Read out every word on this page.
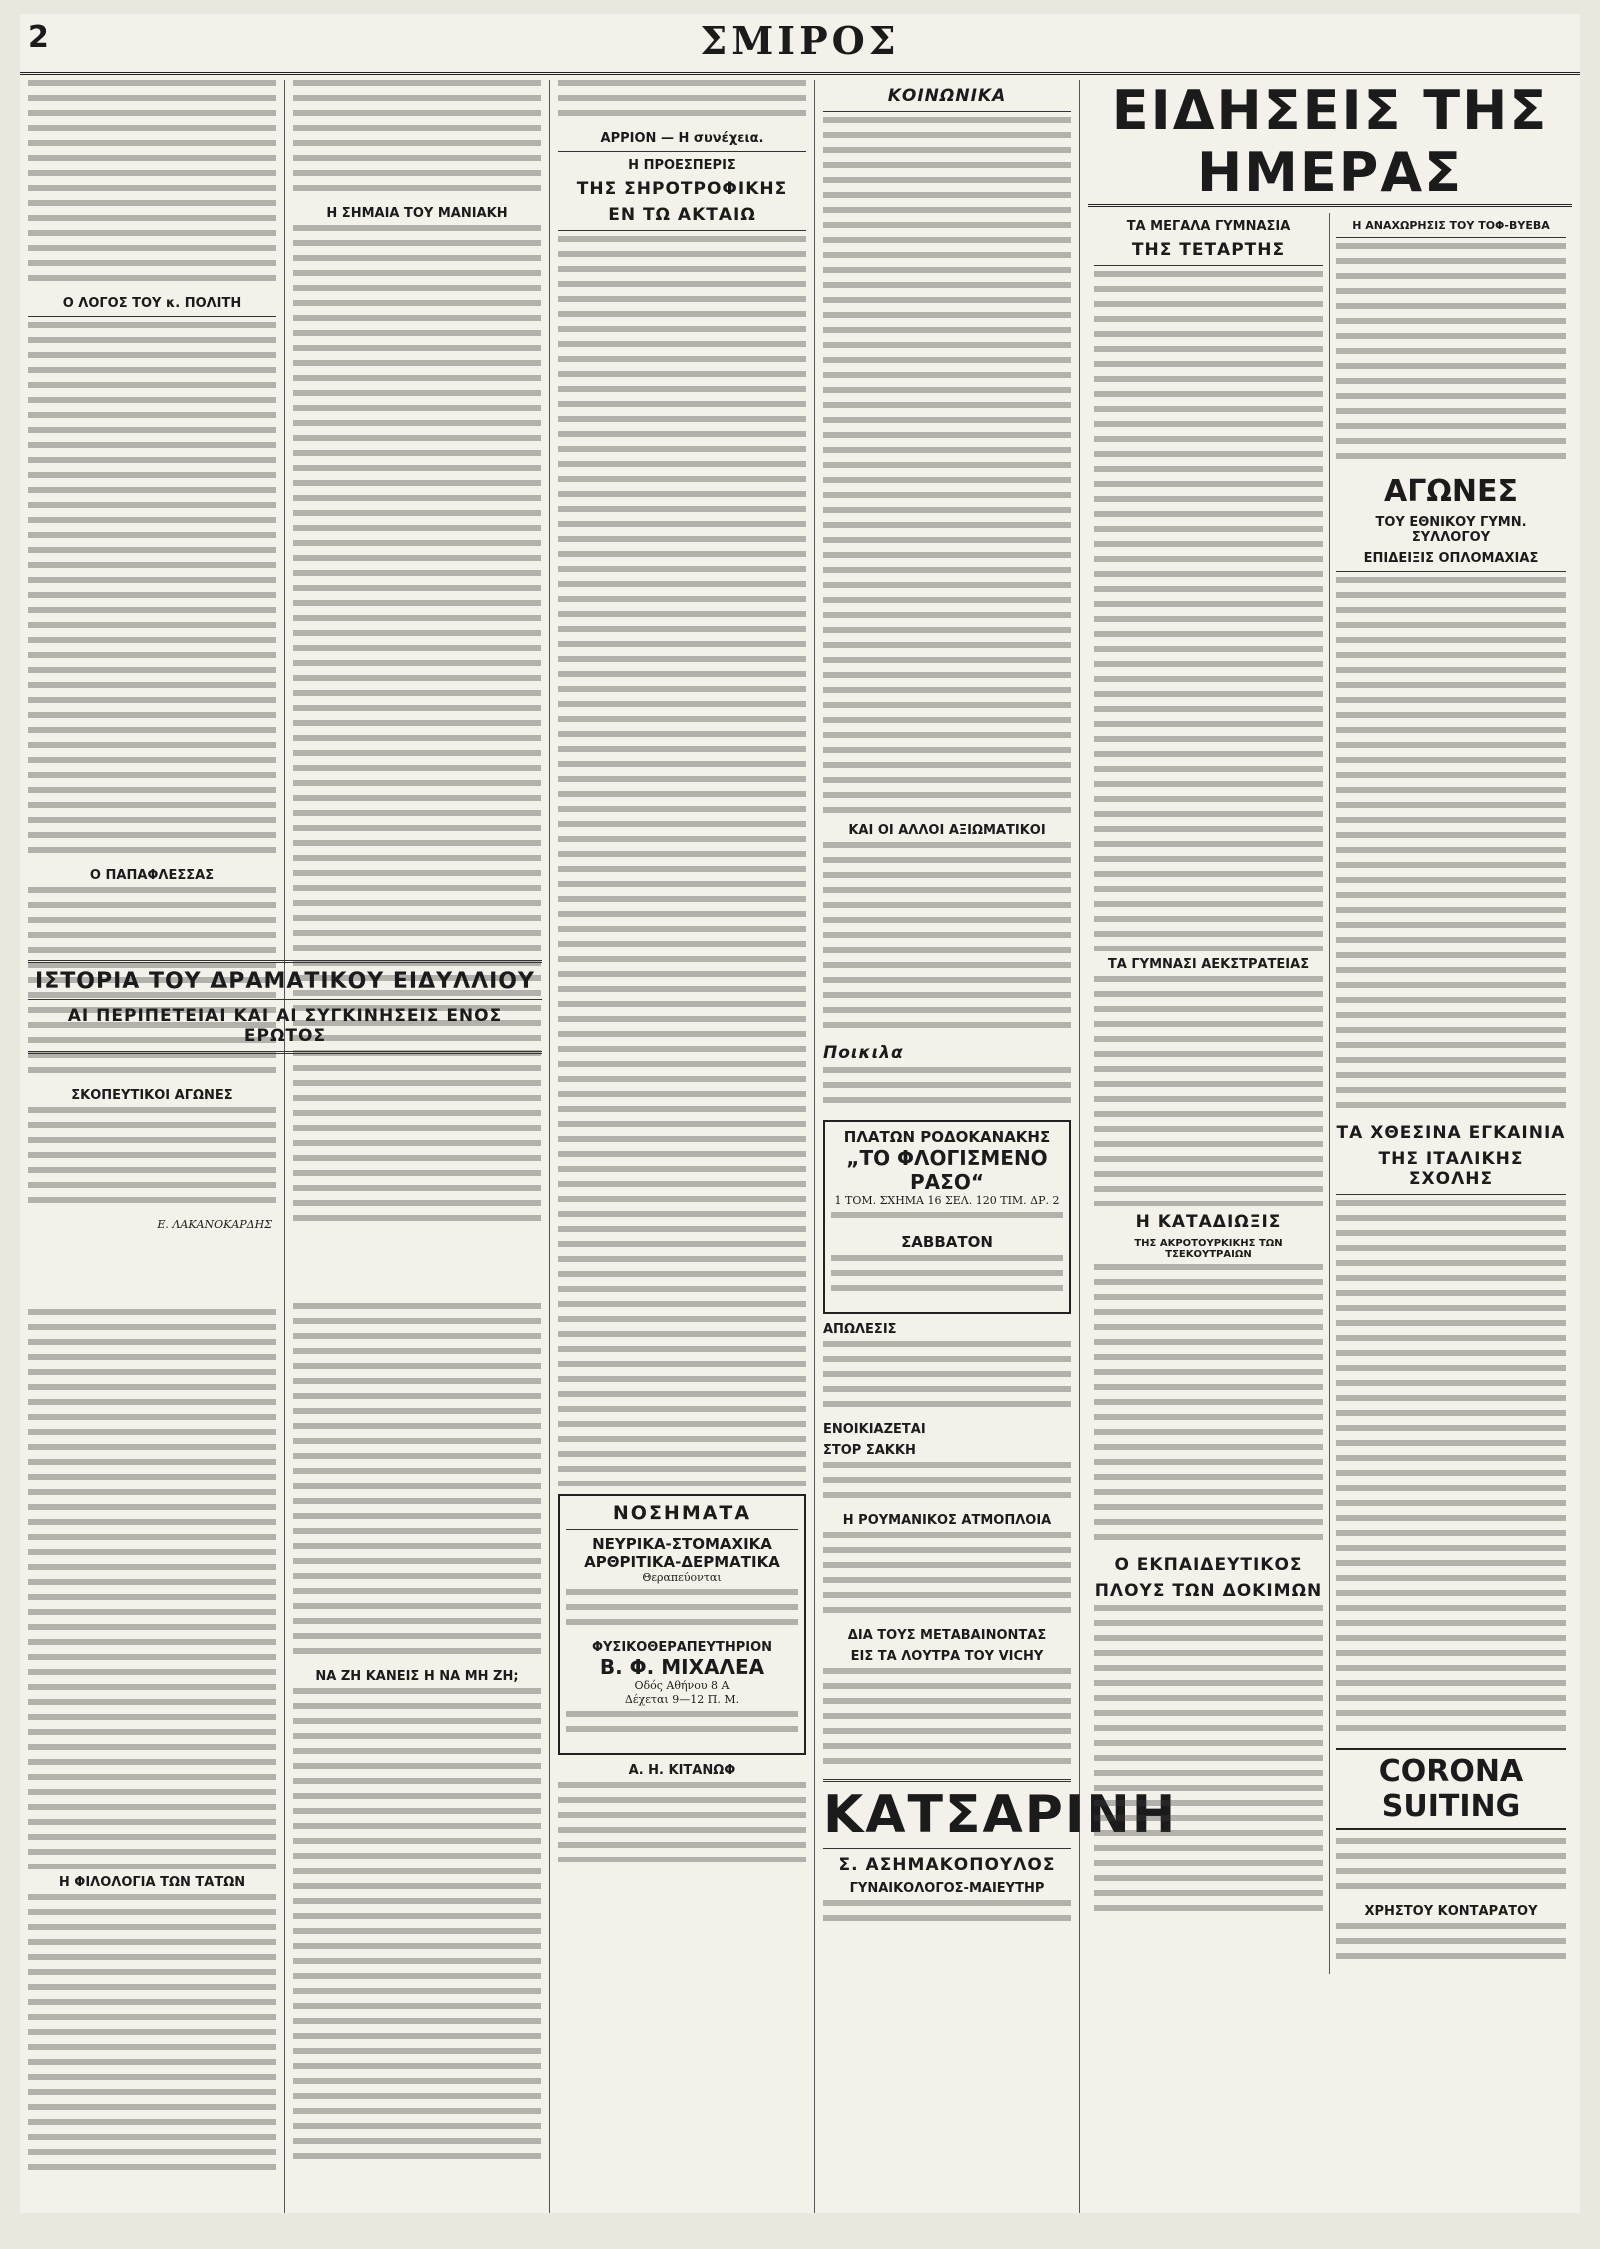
2	ΣΜΙΡΟΣ

Ο ΛΟΓΟΣ ΤΟΥ κ. ΠΟΛΙΤΗ

Ο ΠΑΠΑΦΛΕΣΣΑΣ

ΣΚΟΠΕΥΤΙΚΟΙ ΑΓΩΝΕΣ

Ε. ΛΑΚΑΝΟΚΑΡΔΗΣ

Η ΦΙΛΟΛΟΓΙΑ ΤΩΝ ΤΑΤΩΝ

Η ΣΗΜΑΙΑ ΤΟΥ ΜΑΝΙΑΚΗ

ΝΑ ΖΗ ΚΑΝΕΙΣ Η ΝΑ ΜΗ ΖΗ;

ΙΣΤΟΡΙΑ ΤΟΥ ΔΡΑΜΑΤΙΚΟΥ ΕΙΔΥΛΛΙΟΥ
ΑΙ ΠΕΡΙΠΕΤΕΙΑΙ ΚΑΙ ΑΙ ΣΥΓΚΙΝΗΣΕΙΣ ΕΝΟΣ ΕΡΩΤΟΣ

ΑΡΡΙΟΝ — Η συνέχεια.
Η ΠΡΟΕΣΠΕΡΙΣ
ΤΗΣ ΣΗΡΟΤΡΟΦΙΚΗΣ
ΕΝ ΤΩ ΑΚΤΑΙΩ

ΝΟΣΗΜΑΤΑ
ΝΕΥΡΙΚΑ-ΣΤΟΜΑΧΙΚΑ
ΑΡΘΡΙΤΙΚΑ-ΔΕΡΜΑΤΙΚΑ
Θεραπεύονται

ΦΥΣΙΚΟΘΕΡΑΠΕΥΤΗΡΙΟΝ
Β. Φ. ΜΙΧΑΛΕΑ
Οδός Αθήνου 8 Α
Δέχεται 9—12 Π. Μ.

Α. Η. ΚΙΤΑΝΩΦ

ΚΟΙΝΩΝΙΚΑ

ΚΑΙ ΟΙ ΑΛΛΟΙ ΑΞΙΩΜΑΤΙΚΟΙ

Ποικιλα

ΠΛΑΤΩΝ ΡΟΔΟΚΑΝΑΚΗΣ
„ΤΟ ΦΛΟΓΙΣΜΕΝΟ ΡΑΣΟ“
1 ΤΟΜ. ΣΧΗΜΑ 16 ΣΕΛ. 120 ΤΙΜ. ΔΡ. 2

ΣΑΒΒΑΤΟΝ

ΑΠΩΛΕΣΙΣ

ΕΝΟΙΚΙΑΖΕΤΑΙ
ΣΤΟΡ ΣΑΚΚΗ

Η ΡΟΥΜΑΝΙΚΟΣ ΑΤΜΟΠΛΟΙΑ

ΔΙΑ ΤΟΥΣ ΜΕΤΑΒΑΙΝΟΝΤΑΣ
ΕΙΣ ΤΑ ΛΟΥΤΡΑ ΤΟΥ VICHY

ΚΑΤΣΑΡΙΝΗ
Σ. ΑΣΗΜΑΚΟΠΟΥΛΟΣ
ΓΥΝΑΙΚΟΛΟΓΟΣ-ΜΑΙΕΥΤΗΡ

ΕΙΔΗΣΕΙΣ ΤΗΣ ΗΜΕΡΑΣ
ΤΑ ΜΕΓΑΛΑ ΓΥΜΝΑΣΙΑ
ΤΗΣ ΤΕΤΑΡΤΗΣ

ΤΑ ΓΥΜΝΑΣΙ ΑΕΚΣΤΡΑΤΕΙΑΣ

Η ΚΑΤΑΔΙΩΞΙΣ
ΤΗΣ ΑΚΡΟΤΟΥΡΚΙΚΗΣ ΤΩΝ ΤΣΕΚΟΥΤΡΑΙΩΝ

Ο ΕΚΠΑΙΔΕΥΤΙΚΟΣ
ΠΛΟΥΣ ΤΩΝ ΔΟΚΙΜΩΝ

Η ΑΝΑΧΩΡΗΣΙΣ ΤΟΥ ΤΟΦ-ΒΥΕΒΑ

ΑΓΩΝΕΣ
ΤΟΥ ΕΘΝΙΚΟΥ ΓΥΜΝ. ΣΥΛΛΟΓΟΥ
ΕΠΙΔΕΙΞΙΣ ΟΠΛΟΜΑΧΙΑΣ

ΤΑ ΧΘΕΣΙΝΑ ΕΓΚΑΙΝΙΑ
ΤΗΣ ΙΤΑΛΙΚΗΣ ΣΧΟΛΗΣ

CORONA SUITING

ΧΡΗΣΤΟΥ ΚΟΝΤΑΡΑΤΟΥ
